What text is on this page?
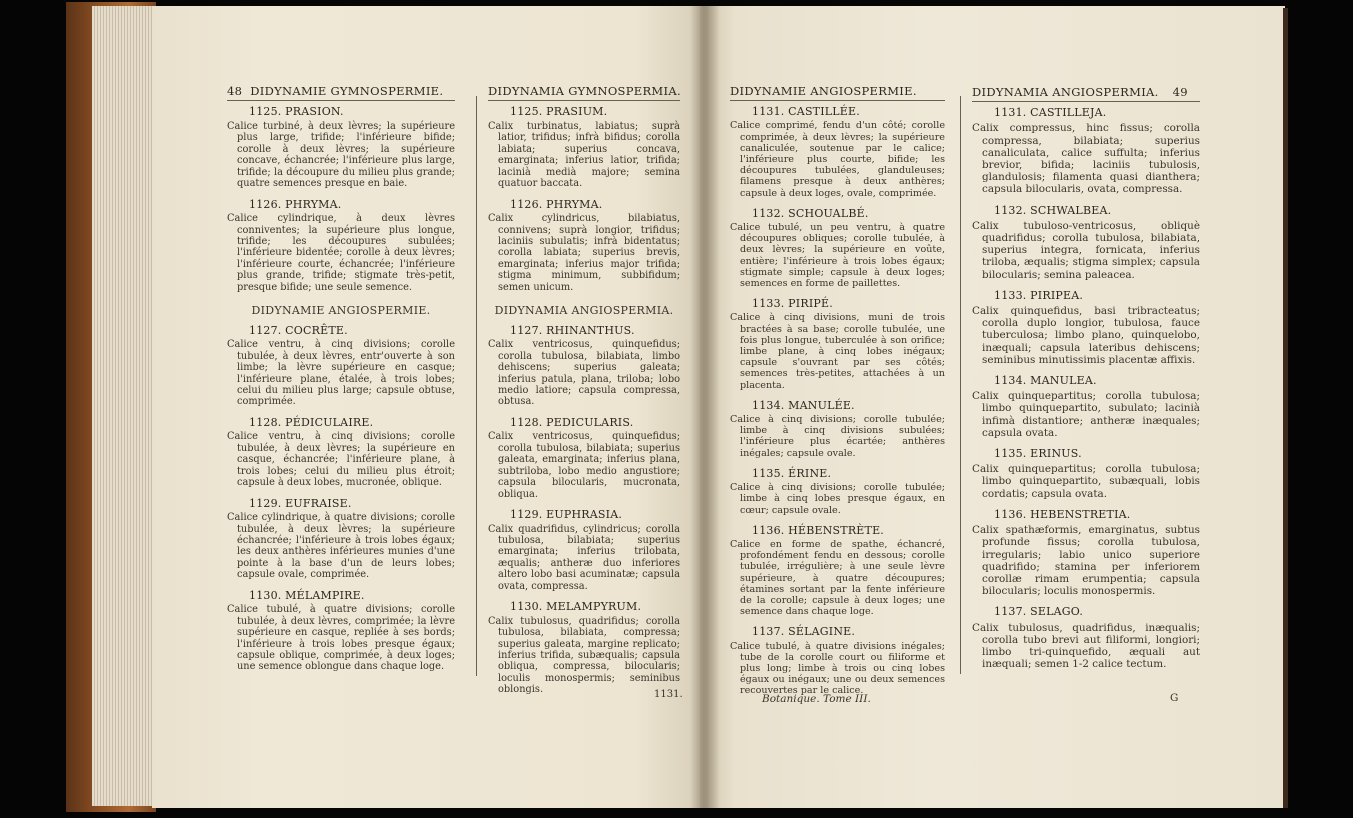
48 DIDYNAMIE GYMNOSPERMIE.
1125. PRASION.
Calice turbiné, à deux lèvres; la supérieure plus large, trifide; l'inférieure bifide; corolle à deux lèvres; la supérieure concave, échancrée; l'inférieure plus large, trifide; la découpure du milieu plus grande; quatre semences presque en baie.
1126. PHRYMA.
Calice cylindrique, à deux lèvres conniventes; la supérieure plus longue, trifide; les découpures subulées; l'inférieure bidentée; corolle à deux lèvres; l'inférieure courte, échancrée; l'inférieure plus grande, trifide; stigmate très-petit, presque bifide; une seule semence.
DIDYNAMIE ANGIOSPERMIE.
1127. COCRÊTE.
Calice ventru, à cinq divisions; corolle tubulée, à deux lèvres, entr'ouverte à son limbe; la lèvre supérieure en casque; l'inférieure plane, étalée, à trois lobes; celui du milieu plus large; capsule obtuse, comprimée.
1128. PÉDICULAIRE.
Calice ventru, à cinq divisions; corolle tubulée, à deux lèvres; la supérieure en casque, échancrée; l'inférieure plane, à trois lobes; celui du milieu plus étroit; capsule à deux lobes, mucronée, oblique.
1129. EUFRAISE.
Calice cylindrique, à quatre divisions; corolle tubulée, à deux lèvres; la supérieure échancrée; l'inférieure à trois lobes égaux; les deux anthères inférieures munies d'une pointe à la base d'un de leurs lobes; capsule ovale, comprimée.
1130. MÉLAMPIRE.
Calice tubulé, à quatre divisions; corolle tubulée, à deux lèvres, comprimée; la lèvre supérieure en casque, repliée à ses bords; l'inférieure à trois lobes presque égaux; capsule oblique, comprimée, à deux loges; une semence oblongue dans chaque loge.
DIDYNAMIA GYMNOSPERMIA.
1125. PRASIUM.
Calix turbinatus, labiatus; suprà latior, trifidus; infrà bifidus; corolla labiata; superius concava, emarginata; inferius latior, trifida; lacinià medià majore; semina quatuor baccata.
1126. PHRYMA.
Calix cylindricus, bilabiatus, connivens; suprà longior, trifidus; laciniis subulatis; infrà bidentatus; corolla labiata; superius brevis, emarginata; inferius major trifida; stigma minimum, subbifidum; semen unicum.
DIDYNAMIA ANGIOSPERMIA.
1127. RHINANTHUS.
Calix ventricosus, quinquefidus; corolla tubulosa, bilabiata, limbo dehiscens; superius galeata; inferius patula, plana, triloba; lobo medio latiore; capsula compressa, obtusa.
1128. PEDICULARIS.
Calix ventricosus, quinquefidus; corolla tubulosa, bilabiata; superius galeata, emarginata; inferius plana, subtriloba, lobo medio angustiore; capsula bilocularis, mucronata, obliqua.
1129. EUPHRASIA.
Calix quadrifidus, cylindricus; corolla tubulosa, bilabiata; superius emarginata; inferius trilobata, æqualis; antheræ duo inferiores altero lobo basi acuminatæ; capsula ovata, compressa.
1130. MELAMPYRUM.
Calix tubulosus, quadrifidus; corolla tubulosa, bilabiata, compressa; superius galeata, margine replicato; inferius trifida, subæqualis; capsula obliqua, compressa, bilocularis; loculis monospermis; seminibus oblongis.	1131.
DIDYNAMIE ANGIOSPERMIE.
1131. CASTILLÉE.
Calice comprimé, fendu d'un côté; corolle comprimée, à deux lèvres; la supérieure canaliculée, soutenue par le calice; l'inférieure plus courte, bifide; les découpures tubulées, glanduleuses; filamens presque à deux anthères; capsule à deux loges, ovale, comprimée.
1132. SCHOUALBÉ.
Calice tubulé, un peu ventru, à quatre découpures obliques; corolle tubulée, à deux lèvres; la supérieure en voûte, entière; l'inférieure à trois lobes égaux; stigmate simple; capsule à deux loges; semences en forme de paillettes.
1133. PIRIPÉ.
Calice à cinq divisions, muni de trois bractées à sa base; corolle tubulée, une fois plus longue, tuberculée à son orifice; limbe plane, à cinq lobes inégaux; capsule s'ouvrant par ses côtés; semences très-petites, attachées à un placenta.
1134. MANULÉE.
Calice à cinq divisions; corolle tubulée; limbe à cinq divisions subulées; l'inférieure plus écartée; anthères inégales; capsule ovale.
1135. ÉRINE.
Calice à cinq divisions; corolle tubulée; limbe à cinq lobes presque égaux, en cœur; capsule ovale.
1136. HÉBENSTRÈTE.
Calice en forme de spathe, échancré, profondément fendu en dessous; corolle tubulée, irrégulière; à une seule lèvre supérieure, à quatre découpures; étamines sortant par la fente inférieure de la corolle; capsule à deux loges; une semence dans chaque loge.
1137. SÉLAGINE.
Calice tubulé, à quatre divisions inégales; tube de la corolle court ou filiforme et plus long; limbe à trois ou cinq lobes égaux ou inégaux; une ou deux semences recouvertes par le calice.
Botanique. Tome III.
DIDYNAMIA ANGIOSPERMIA. 49
1131. CASTILLEJA.
Calix compressus, hinc fissus; corolla compressa, bilabiata; superius canaliculata, calice suffulta; inferius brevior, bifida; laciniis tubulosis, glandulosis; filamenta quasi dianthera; capsula bilocularis, ovata, compressa.
1132. SCHWALBEA.
Calix tubuloso-ventricosus, obliquè quadrifidus; corolla tubulosa, bilabiata, superius integra, fornicata, inferius triloba, æqualis; stigma simplex; capsula bilocularis; semina paleacea.
1133. PIRIPEA.
Calix quinquefidus, basi tribracteatus; corolla duplo longior, tubulosa, fauce tuberculosa; limbo plano, quinquelobo, inæquali; capsula lateribus dehiscens; seminibus minutissimis placentæ affixis.
1134. MANULEA.
Calix quinquepartitus; corolla tubulosa; limbo quinquepartito, subulato; lacinià infimà distantiore; antheræ inæquales; capsula ovata.
1135. ERINUS.
Calix quinquepartitus; corolla tubulosa; limbo quinquepartito, subæquali, lobis cordatis; capsula ovata.
1136. HEBENSTRETIA.
Calix spathæformis, emarginatus, subtus profunde fissus; corolla tubulosa, irregularis; labio unico superiore quadrifido; stamina per inferiorem corollæ rimam erumpentia; capsula bilocularis; loculis monospermis.
1137. SELAGO.
Calix tubulosus, quadrifidus, inæqualis; corolla tubo brevi aut filiformi, longiori; limbo tri-quinquefido, æquali aut inæquali; semen 1-2 calice tectum.
G
